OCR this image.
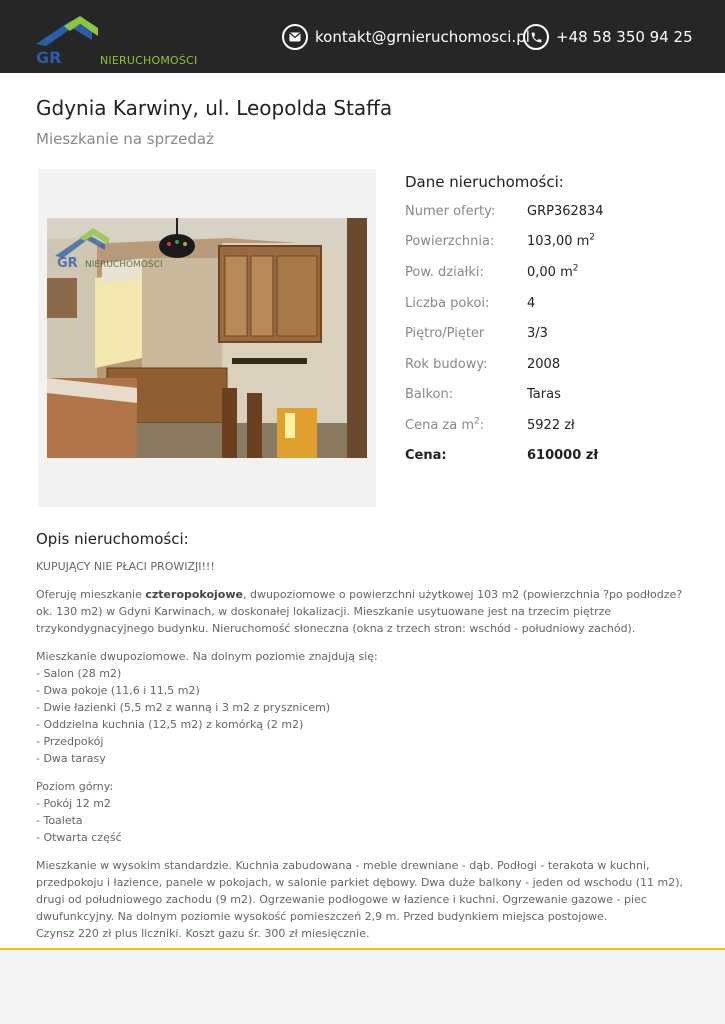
GR	NIERUCHOMOŚCI
kontakt@grnieruchomosci.pl +48 58 350 94 25
Gdynia Karwiny, ul. Leopolda Staffa
Mieszkanie na sprzedaż
GR NIERUCHOMOŚCI
Dane nieruchomości:
Numer oferty: GRP362834
Powierzchnia:	103,00 $m^2$
Pow. działki:	0,00 $m^2$
Liczba pokoi:	4
Piętro/Pięter	3/3
Rok budowy:	2008
Balkon:	Taras
Cena za $m^2$:	5922 zł
Cena:	610000 zł
Opis nieruchomości:

KUPUJĄCY NIE PŁACI PROWIZJI!!!

Oferuję mieszkanie czteropokojowe, dwupoziomowe o powierzchni użytkowej 103 m2 (powierzchnia ?po podłodze? ok. 130 m2) w Gdyni Karwinach, w doskonałej lokalizacji. Mieszkanie usytuowane jest na trzecim piętrze trzykondygnacyjnego budynku. Nieruchomość słoneczna (okna z trzech stron: wschód - południowy zachód).

Mieszkanie dwupoziomowe. Na dolnym poziomie znajdują się:
- Salon (28 m2)
- Dwa pokoje (11,6 i 11,5 m2)
- Dwie łazienki (5,5 m2 z wanną i 3 m2 z prysznicem)
- Oddzielna kuchnia (12,5 m2) z komórką (2 m2)
- Przedpokój
- Dwa tarasy

Poziom górny:
- Pokój 12 m2
- Toaleta
- Otwarta część

Mieszkanie w wysokim standardzie. Kuchnia zabudowana - meble drewniane - dąb. Podłogi - terakota w kuchni, przedpokoju i łazience, panele w pokojach, w salonie parkiet dębowy. Dwa duże balkony - jeden od wschodu (11 m2), drugi od południowego zachodu (9 m2). Ogrzewanie podłogowe w łazience i kuchni. Ogrzewanie gazowe - piec dwufunkcyjny. Na dolnym poziomie wysokość pomieszczeń 2,9 m. Przed budynkiem miejsca postojowe.
Czynsz 220 zł plus liczniki. Koszt gazu śr. 300 zł miesięcznie.
